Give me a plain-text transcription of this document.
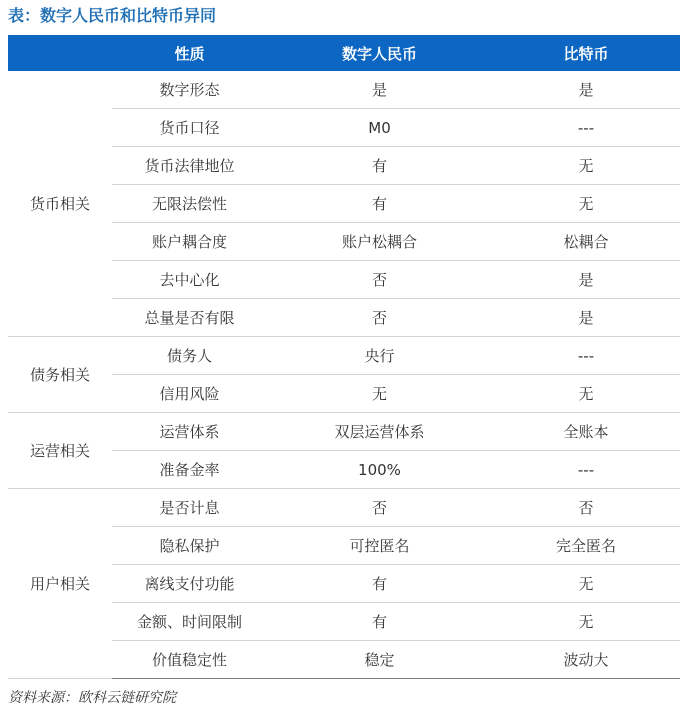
表：数字人民币和比特币异同
	性质	数字人民币	比特币
货币相关	数字形态	是	是
	货币口径	M0	---
	货币法律地位	有	无
	无限法偿性	有	无
	账户耦合度	账户松耦合	松耦合
	去中心化	否	是
	总量是否有限	否	是
债务相关	债务人	央行	---
	信用风险	无	无
运营相关	运营体系	双层运营体系	全账本
	准备金率	100%	---
用户相关	是否计息	否	否
	隐私保护	可控匿名	完全匿名
	离线支付功能	有	无
	金额、时间限制	有	无
	价值稳定性	稳定	波动大
资料来源：欧科云链研究院
